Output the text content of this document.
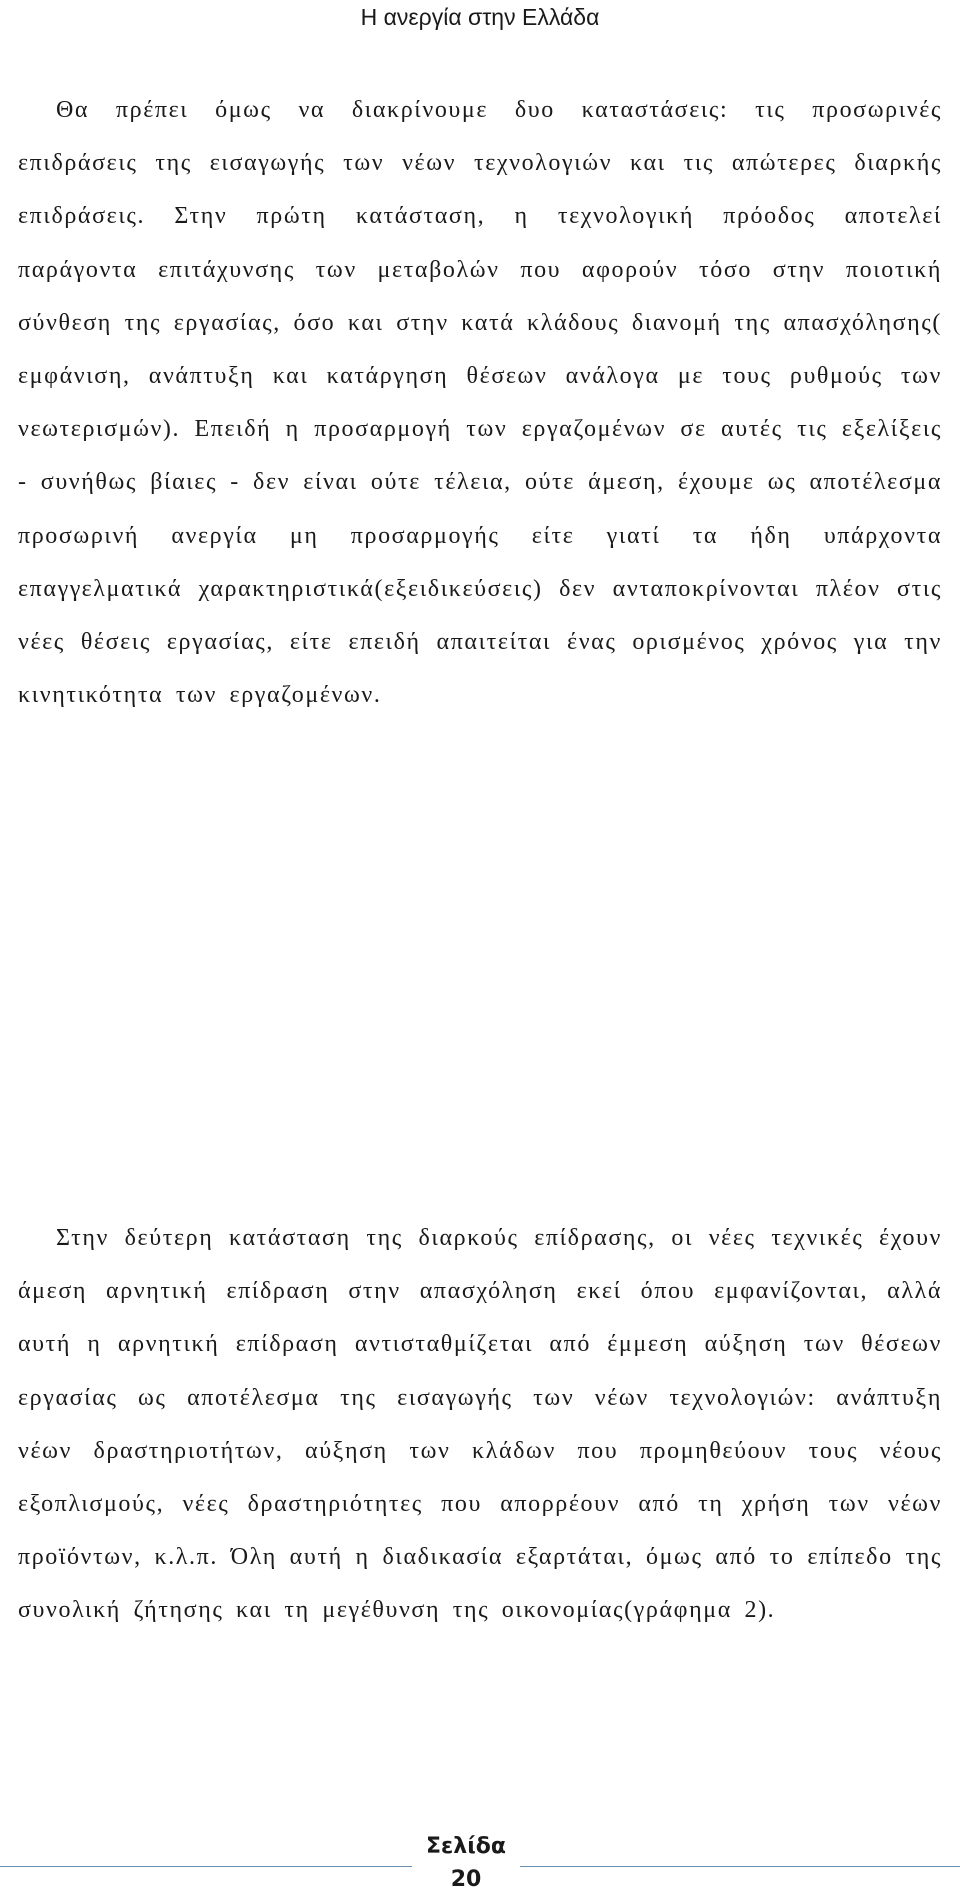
Η ανεργία στην Ελλάδα

Θα πρέπει όμως να διακρίνουμε δυο καταστάσεις: τις προσωρινές επιδράσεις της εισαγωγής των νέων τεχνολογιών και τις απώτερες διαρκής επιδράσεις. Στην πρώτη κατάσταση, η τεχνολογική πρόοδος αποτελεί παράγοντα επιτάχυνσης των μεταβολών που αφορούν τόσο στην ποιοτική σύνθεση της εργασίας, όσο και στην κατά κλάδους διανομή της απασχόλησης( εμφάνιση, ανάπτυξη και κατάργηση θέσεων ανάλογα με τους ρυθμούς των νεωτερισμών). Επειδή η προσαρμογή των εργαζομένων σε αυτές τις εξελίξεις - συνήθως βίαιες - δεν είναι ούτε τέλεια, ούτε άμεση, έχουμε ως αποτέλεσμα προσωρινή ανεργία μη προσαρμογής είτε γιατί τα ήδη υπάρχοντα επαγγελματικά χαρακτηριστικά(εξειδικεύσεις) δεν ανταποκρίνονται πλέον στις νέες θέσεις εργασίας, είτε επειδή απαιτείται ένας ορισμένος χρόνος για την κινητικότητα των εργαζομένων.

Στην δεύτερη κατάσταση της διαρκούς επίδρασης, οι νέες τεχνικές έχουν άμεση αρνητική επίδραση στην απασχόληση εκεί όπου εμφανίζονται, αλλά αυτή η αρνητική επίδραση αντισταθμίζεται από έμμεση αύξηση των θέσεων εργασίας ως αποτέλεσμα της εισαγωγής των νέων τεχνολογιών: ανάπτυξη νέων δραστηριοτήτων, αύξηση των κλάδων που προμηθεύουν τους νέους εξοπλισμούς, νέες δραστηριότητες που απορρέουν από τη χρήση των νέων προϊόντων, κ.λ.π. Όλη αυτή η διαδικασία εξαρτάται, όμως από το επίπεδο της συνολική ζήτησης και τη μεγέθυνση της οικονομίας(γράφημα 2).

Σελίδα
20
